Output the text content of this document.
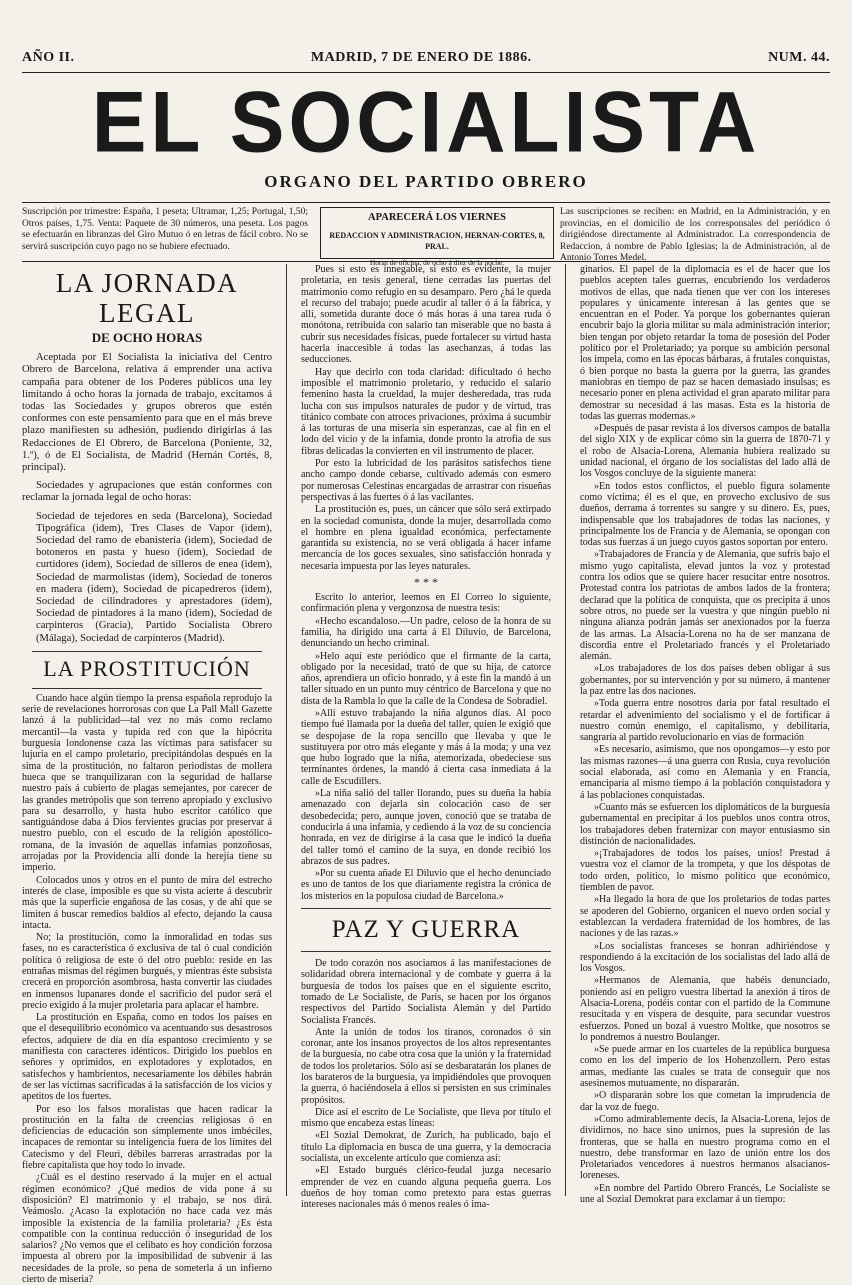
AÑO II.	MADRID, 7 DE ENERO DE 1886.	NUM. 44.
EL SOCIALISTA
ORGANO DEL PARTIDO OBRERO
Suscripción por trimestre: España, 1 peseta; Ultramar, 1,25; Portugal, 1,50; Otros países, 1,75. Venta: Paquete de 30 números, una peseta. Los pagos se efectuarán en libranzas del Giro Mutuo ó en letras de fácil cobro. No se servirá suscripción cuyo pago no se hubiere efectuado.
APARECERÁ LOS VIERNES
REDACCION Y ADMINISTRACION, HERNAN-CORTES, 8, PRAL.
Horas de oficina, de ocho á diez de la noche.
Las suscripciones se reciben: en Madrid, en la Administración, y en provincias, en el domicilio de los corresponsales del periódico ó dirigiéndose directamente al Administrador. La correspondencia de Redaccion, á nombre de Pablo Iglesias; la de Administración, al de Antonio Torres Medel.
LA JORNADA LEGAL
DE OCHO HORAS

Aceptada por El Socialista la iniciativa del Centro Obrero de Barcelona, relativa á emprender una activa campaña para obtener de los Poderes públicos una ley limitando á ocho horas la jornada de trabajo, excitamos á todas las Sociedades y grupos obreros que estén conformes con este pensamiento para que en el más breve plazo manifiesten su adhesión, pudiendo dirigirlas á las Redacciones de El Obrero, de Barcelona (Poniente, 32, 1.º), ó de El Socialista, de Madrid (Hernán Cortés, 8, principal).

Sociedades y agrupaciones que están conformes con reclamar la jornada legal de ocho horas:

Sociedad de tejedores en seda (Barcelona), Sociedad Tipográfica (idem), Tres Clases de Vapor (idem), Sociedad del ramo de ebanistería (idem), Sociedad de botoneros en pasta y hueso (idem), Sociedad de curtidores (idem), Sociedad de silleros de enea (idem), Sociedad de marmolistas (idem), Sociedad de toneros en madera (idem), Sociedad de picapedreros (idem), Sociedad de cilindradores y aprestadores (idem), Sociedad de pintadores á la mano (idem), Sociedad de carpinteros (Gracia), Partido Socialista Obrero (Málaga), Sociedad de carpinteros (Madrid).

LA PROSTITUCIÓN

Cuando hace algún tiempo la prensa española reprodujo la serie de revelaciones horrorosas con que La Pall Mall Gazette lanzó á la publicidad—tal vez no más como reclamo mercantil—la vasta y tupida red con que la hipócrita burguesía londonense caza las víctimas para satisfacer su lujuria en el campo proletario, precipitándolas después en la sima de la prostitución, no faltaron periodistas de mollera hueca que se tranquilizaran con la seguridad de hallarse nuestro país á cubierto de plagas semejantes, por carecer de las grandes metrópolis que son terreno apropiado y exclusivo para su desarrollo, y hasta hubo escritor católico que santiguándose daba á Dios fervientes gracias por preservar á nuestro pueblo, con el escudo de la religión apostólico-romana, de la invasión de aquellas infamias ponzoñosas, arrojadas por la Providencia allí donde la herejía tiene su imperio.

Colocados unos y otros en el punto de mira del estrecho interés de clase, imposible es que su vista acierte á descubrir más que la superficie engañosa de las cosas, y de ahí que se limiten á buscar remedios baldíos al efecto, dejando la causa intacta.

No; la prostitución, como la inmoralidad en todas sus fases, no es característica ó exclusiva de tal ó cual condición política ó religiosa de este ó del otro pueblo: reside en las entrañas mismas del régimen burgués, y mientras éste subsista crecerá en proporción asombrosa, hasta convertir las ciudades en inmensos lupanares donde el sacrificio del pudor será el precio exigido á la mujer proletaria para aplacar el hambre.

La prostitución en España, como en todos los países en que el desequilibrio económico va acentuando sus desastrosos efectos, adquiere de día en día espantoso crecimiento y se manifiesta con caracteres idénticos. Dirigido los pueblos en señores y oprimidos, en explotadores y explotados, en satisfechos y hambrientos, necesariamente los débiles habrán de ser las víctimas sacrificadas á la satisfacción de los vicios y apetitos de los fuertes.

Por eso los falsos moralistas que hacen radicar la prostitución en la falta de creencias religiosas ó en deficiencias de educación son simplemente unos imbéciles, incapaces de remontar su inteligencia fuera de los límites del Catecismo y del Fleuri, débiles barreras arrastradas por la fiebre capitalista que hoy todo lo invade.

¿Cuál es el destino reservado á la mujer en el actual régimen económico? ¿Qué medios de vida pone á su disposición? El matrimonio y el trabajo, se nos dirá. Veámoslo. ¿Acaso la explotación no hace cada vez más imposible la existencia de la familia proletaria? ¿Es ésta compatible con la continua reducción ó inseguridad de los salarios? ¿No vemos que el celibato es hoy condición forzosa impuesta al obrero por la imposibilidad de subvenir á las necesidades de la prole, so pena de someterla á un infierno cierto de miseria?

Pues si esto es innegable, si esto es evidente, la mujer proletaria, en tesis general, tiene cerradas las puertas del matrimonio como refugio en su desamparo. Pero ¿há le queda el recurso del trabajo; puede acudir al taller ó á la fábrica, y allí, sometida durante doce ó más horas á una tarea ruda ó monótona, retribuida con salario tan miserable que no basta á cubrir sus necesidades físicas, puede fortalecer su virtud hasta hacerla inaccesible á todas las asechanzas, á todas las seducciones.

Hay que decirlo con toda claridad: dificultado ó hecho imposible el matrimonio proletario, y reducido el salario femenino hasta la crueldad, la mujer desheredada, tras ruda lucha con sus impulsos naturales de pudor y de virtud, tras titánico combate con atroces privaciones, próxima á sucumbir á las torturas de una miseria sin esperanzas, cae al fin en el lodo del vicio y de la infamia, donde pronto la atrofia de sus fibras delicadas la convierten en vil instrumento de placer.

Por esto la lubricidad de los parásitos satisfechos tiene ancho campo donde cebarse, cultivado además con esmero por numerosas Celestinas encargadas de arrastrar con risueñas perspectivas á las fuertes ó á las vacilantes.

La prostitución es, pues, un cáncer que sólo será extirpado en la sociedad comunista, donde la mujer, desarrollada como el hombre en plena igualdad económica, perfectamente garantida su existencia, no se verá obligada á hacer infame mercancía de los goces sexuales, sino satisfacción honrada y necesaria impuesta por las leyes naturales.

* * *

Escrito lo anterior, leemos en El Correo lo siguiente, confirmación plena y vergonzosa de nuestra tesis:

«Hecho escandaloso.—Un padre, celoso de la honra de su familia, ha dirigido una carta á El Diluvio, de Barcelona, denunciando un hecho criminal.

»Helo aquí este periódico que el firmante de la carta, obligado por la necesidad, trató de que su hija, de catorce años, aprendiera un oficio honrado, y á este fin la mandó á un taller situado en un punto muy céntrico de Barcelona y que no dista de la Rambla lo que la calle de la Condesa de Sobradiel.

»Allí estuvo trabajando la niña algunos días. Al poco tiempo fué llamada por la dueña del taller, quien le exigió que se despojase de la ropa sencillo que llevaba y que le sustituyera por otro más elegante y más á la moda; y una vez que hubo logrado que la niña, atemorizada, obedeciese sus terminantes órdenes, la mandó á cierta casa inmediata á la calle de Escudillers.

»La niña salió del taller llorando, pues su dueña la había amenazado con dejarla sin colocación caso de ser desobedecida; pero, aunque joven, conoció que se trataba de conducirla á una infamia, y cediendo á la voz de su conciencia honrada, en vez de dirigirse á la casa que le indicó la dueña del taller tomó el camino de la suya, en donde recibió los abrazos de sus padres.

»Por su cuenta añade El Diluvio que el hecho denunciado es uno de tantos de los que diariamente registra la crónica de los misterios en la populosa ciudad de Barcelona.»

PAZ Y GUERRA

De todo corazón nos asociamos á las manifestaciones de solidaridad obrera internacional y de combate y guerra á la burguesía de todos los países que en el siguiente escrito, tomado de Le Socialiste, de París, se hacen por los órganos respectivos del Partido Socialista Alemán y del Partido Socialista Francés.

Ante la unión de todos los tiranos, coronados ó sin coronar, ante los insanos proyectos de los altos representantes de la burguesía, no cabe otra cosa que la unión y la fraternidad de todos los proletarios. Sólo así se desbaratarán los planes de los barateros de la burguesía, ya impidiéndoles que provoquen la guerra, ó haciéndosela á ellos si persisten en sus criminales propósitos.

Dice así el escrito de Le Socialiste, que lleva por título el mismo que encabeza estas líneas:

«El Sozial Demokrat, de Zurich, ha publicado, bajo el título La diplomacia en busca de una guerra, y la democracia socialista, un excelente artículo que comienza así:

»El Estado burgués clérico-feudal juzga necesario emprender de vez en cuando alguna pequeña guerra. Los dueños de hoy toman como pretexto para estas guerras intereses nacionales más ó menos reales ó ima-

ginarios. El papel de la diplomacia es el de hacer que los pueblos acepten tales guerras, encubriendo los verdaderos motivos de ellas, que nada tienen que ver con los intereses populares y únicamente interesan á las gentes que se encuentran en el Poder. Ya porque los gobernantes quieran encubrir bajo la gloria militar su mala administración interior; bien tengan por objeto retardar la toma de posesión del Poder político por el Proletariado; ya porque su ambición personal los impela, como en las épocas bárbaras, á frutales conquistas, ó bien porque no basta la guerra por la guerra, las grandes maniobras en tiempo de paz se hacen demasiado insulsas; es necesario poner en plena actividad el gran aparato militar para demostrar su necesidad á las masas. Esta es la historia de todas las guerras modernas.»

»Después de pasar revista á los diversos campos de batalla del siglo XIX y de explicar cómo sin la guerra de 1870-71 y el robo de Alsacia-Lorena, Alemania hubiera realizado su unidad nacional, el órgano de los socialistas del lado allá de los Vosgos concluye de la siguiente manera:

»En todos estos conflictos, el pueblo figura solamente como víctima; él es el que, en provecho exclusivo de sus dueños, derrama á torrentes su sangre y su dinero. Es, pues, indispensable que los trabajadores de todas las naciones, y principalmente los de Francia y de Alemania, se opongan con todas sus fuerzas á un juego cuyos gastos soportan por entero.

»Trabajadores de Francia y de Alemania, que sufrís bajo el mismo yugo capitalista, elevad juntos la voz y protestad contra los odios que se quiere hacer resucitar entre nosotros. Protestad contra los patriotas de ambos lados de la frontera; declarad que la política de conquista, que os precipita á unos sobre otros, no puede ser la vuestra y que ningún pueblo ni ninguna alianza podrán jamás ser anexionados por la fuerza de las armas. La Alsacia-Lorena no ha de ser manzana de discordia entre el Proletariado francés y el Proletariado alemán.

»Los trabajadores de los dos países deben obligar á sus gobernantes, por su intervención y por su número, á mantener la paz entre las dos naciones.

»Toda guerra entre nosotros daría por fatal resultado el retardar el advenimiento del socialismo y el de fortificar á nuestro común enemigo, el capitalismo, y debilitaría, sangraría al partido revolucionario en vías de formación

»Es necesario, asimismo, que nos opongamos—y esto por las mismas razones—á una guerra con Rusia, cuya revolución social elaborada, así como en Alemania y en Francia, emanciparía al mismo tiempo á la población conquistadora y á las poblaciones conquistadas.

»Cuanto más se esfuercen los diplomáticos de la burguesía gubernamental en precipitar á los pueblos unos contra otros, los trabajadores deben fraternizar con mayor entusiasmo sin distinción de nacionalidades.

»¡Trabajadores de todos los países, uníos! Prestad á vuestra voz el clamor de la trompeta, y que los déspotas de todo orden, político, lo mismo político que económico, tiemblen de pavor.

»Ha llegado la hora de que los proletarios de todas partes se apoderen del Gobierno, organicen el nuevo orden social y establezcan la verdadera fraternidad de los hombres, de las naciones y de las razas.»

»Los socialistas franceses se honran adhiriéndose y respondiendo á la excitación de los socialistas del lado allá de los Vosgos.

»Hermanos de Alemania, que habéis denunciado, poniendo así en peligro vuestra libertad la anexión á tiros de Alsacia-Lorena, podéis contar con el partido de la Commune resucitada y en víspera de desquite, para secundar vuestros esfuerzos. Poned un bozal á vuestro Moltke, que nosotros se lo pondremos á nuestro Boulanger.

»Se puede armar en los cuarteles de la república burguesa como en los del imperio de los Hohenzollern. Pero estas armas, mediante las cuales se trata de conseguir que nos asesinemos mutuamente, no dispararán.

»O dispararán sobre los que cometan la imprudencia de dar la voz de fuego.

»Como admirablemente decís, la Alsacia-Lorena, lejos de dividirnos, no hace sino unirnos, pues la supresión de las fronteras, que se halla en nuestro programa como en el nuestro, debe transformar en lazo de unión entre los dos Proletariados vencedores á nuestros hermanos alsacianos-loreneses.

»En nombre del Partido Obrero Francés, Le Socialiste se une al Sozial Demokrat para exclamar á un tiempo:
